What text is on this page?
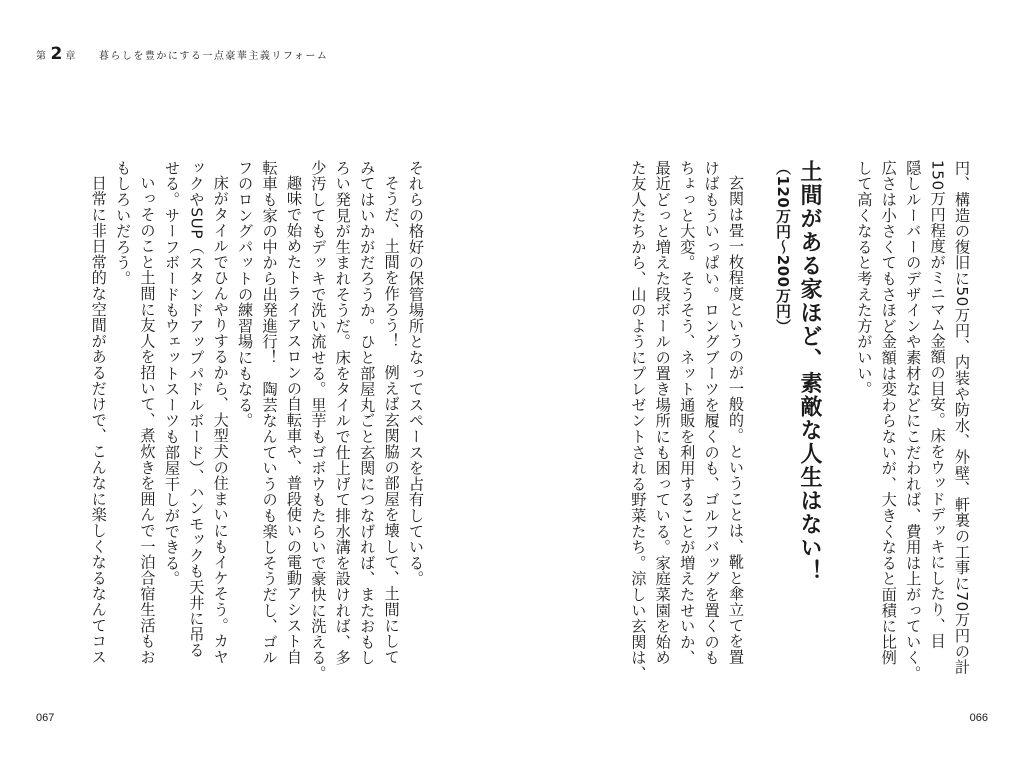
第 2 章 暮らしを豊かにする一点豪華主義リフォーム

円、構造の復旧に50万円、内装や防水、外壁、軒裏の工事に70万円の計

150万円程度がミニマム金額の目安。床をウッドデッキにしたり、目

隠しルーバーのデザインや素材などにこだわれば、費用は上がっていく。

広さは小さくてもさほど金額は変わらないが、大きくなると面積に比例

して高くなると考えた方がいい。

土間がある家ほど、素敵な人生はない！
（120万円〜200万円）

玄関は畳一枚程度というのが一般的。ということは、靴と傘立てを置

けばもういっぱい。ロングブーツを履くのも、ゴルフバッグを置くのも

ちょっと大変。そうそう、ネット通販を利用することが増えたせいか、

最近どっと増えた段ボールの置き場所にも困っている。家庭菜園を始め

た友人たちから、山のようにプレゼントされる野菜たち。涼しい玄関は、

それらの格好の保管場所となってスペースを占有している。

そうだ、土間を作ろう！　例えば玄関脇の部屋を壊して、土間にして

みてはいかがだろうか。ひと部屋丸ごと玄関につなげれば、またおもし

ろい発見が生まれそうだ。床をタイルで仕上げて排水溝を設ければ、多

少汚してもデッキで洗い流せる。里芋もゴボウもたらいで豪快に洗える。

趣味で始めたトライアスロンの自転車や、普段使いの電動アシスト自

転車も家の中から出発進行！　陶芸なんていうのも楽しそうだし、ゴル

フのロングパットの練習場にもなる。

床がタイルでひんやりするから、大型犬の住まいにもイケそう。カヤ

ックやSUP（スタンドアップパドルボード）、ハンモックも天井に吊る

せる。サーフボードもウェットスーツも部屋干しができる。

いっそのこと土間に友人を招いて、煮炊きを囲んで一泊合宿生活もお

もしろいだろう。

日常に非日常的な空間があるだけで、こんなに楽しくなるなんてコス

067	066
